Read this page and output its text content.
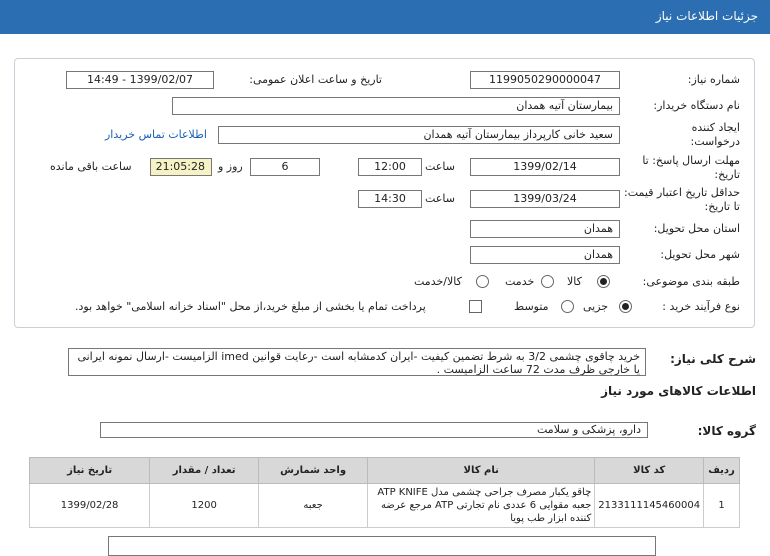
جزئیات اطلاعات نیاز
شماره نیاز:
1199050290000047
تاریخ و ساعت اعلان عمومی:
1399/02/07 - 14:49
نام دستگاه خریدار:
بیمارستان آتیه همدان
ایجاد کننده درخواست:
سعید خانی کارپرداز بیمارستان آتیه همدان
اطلاعات تماس خریدار
مهلت ارسال پاسخ: تا تاریخ:
1399/02/14
ساعت
12:00
6
روز و
21:05:28
ساعت باقی مانده
حداقل تاریخ اعتبار قیمت: تا تاریخ:
1399/03/24
ساعت
14:30
استان محل تحویل:
همدان
شهر محل تحویل:
همدان
طبقه بندی موضوعی:
کالا
خدمت
کالا/خدمت
نوع فرآیند خرید :
جزیی
متوسط
پرداخت تمام یا بخشی از مبلغ خرید،از محل "اسناد خزانه اسلامی" خواهد بود.
شرح کلی نیاز:
خرید چاقوی چشمی 3/2 به شرط تضمین کیفیت -ایران کدمشابه است -رعایت قوانین imed الزامیست -ارسال نمونه ایرانی یا خارجی ظرف مدت 72 ساعت الزامیست .
اطلاعات کالاهای مورد نیاز
گروه کالا:
دارو، پزشکی و سلامت
ردیف	کد کالا	نام کالا	واحد شمارش	تعداد / مقدار	تاریخ نیاز
1	2133111145460004	چاقو یکبار مصرف جراحی چشمی مدل ATP KNIFE جعبه مقوایی 6 عددی نام تجارتی ATP مرجع عرضه کننده ابزار طب پویا	جعبه	1200	1399/02/28
